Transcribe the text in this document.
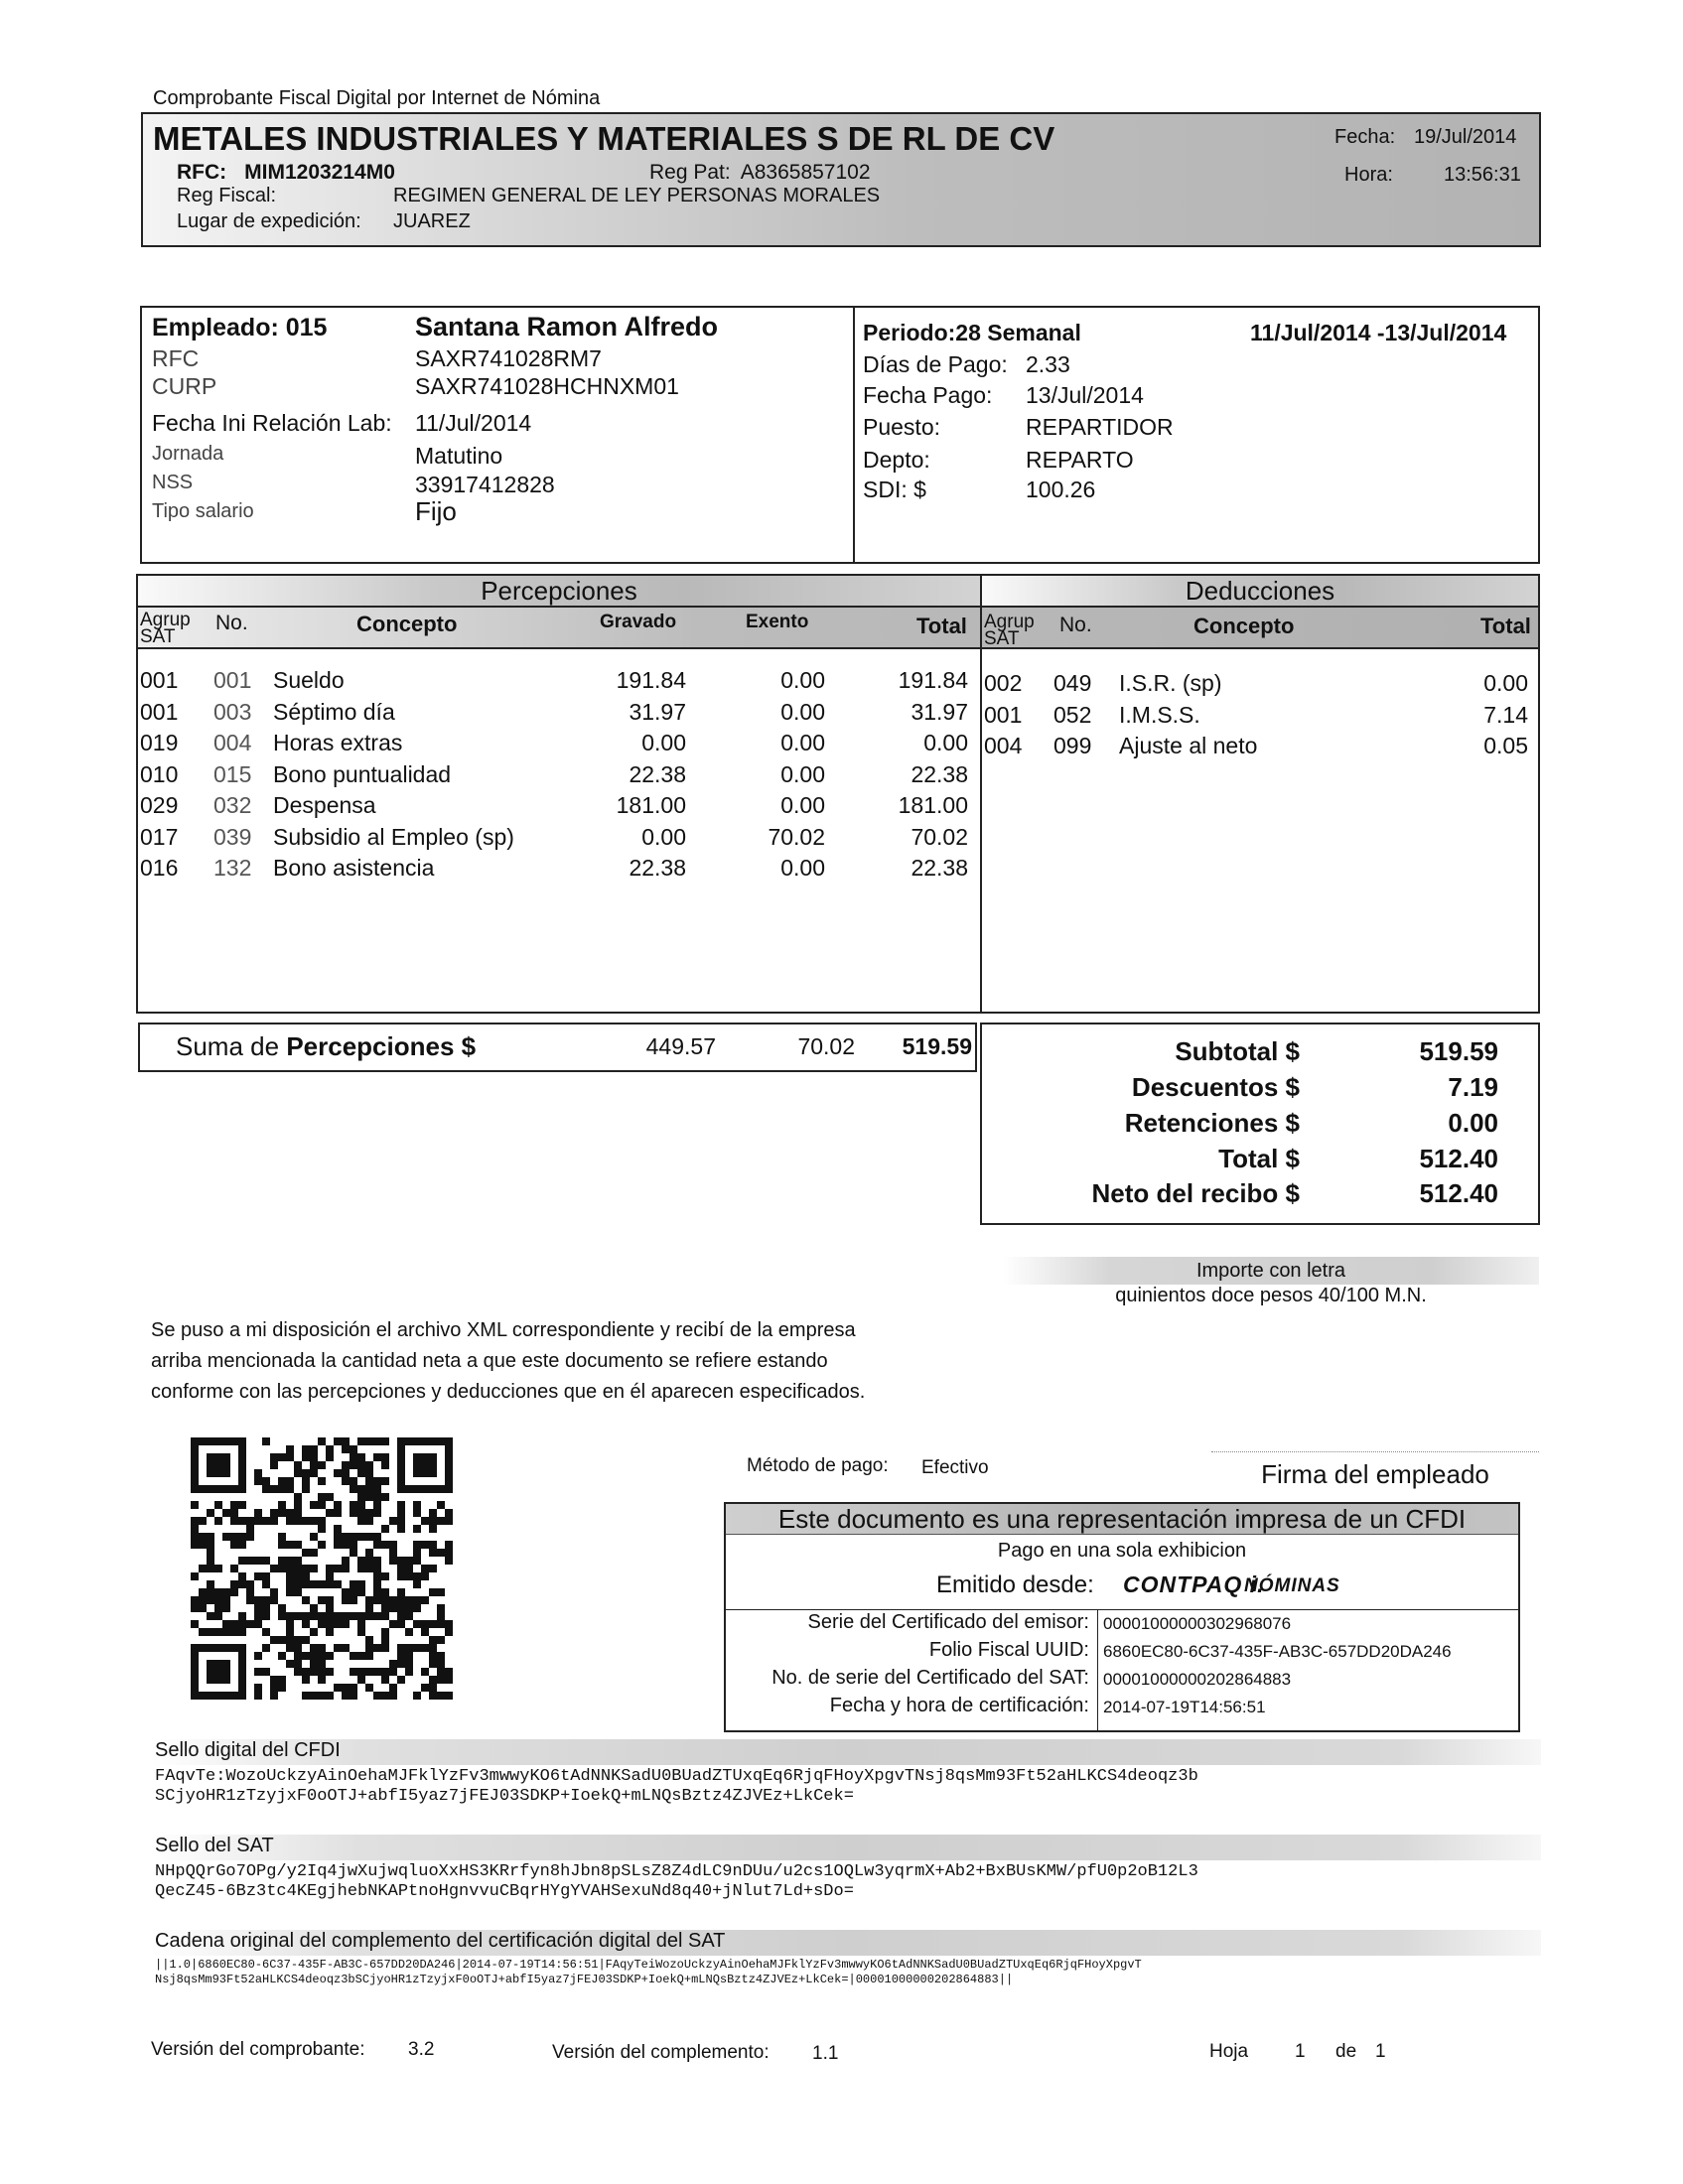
Comprobante Fiscal Digital por Internet de Nómina
METALES INDUSTRIALES Y MATERIALES S DE RL DE CV
RFC: MIM1203214M0	Reg Pat: A8365857102
Reg Fiscal:	REGIMEN GENERAL DE LEY PERSONAS MORALES
Lugar de expedición: JUAREZ
Fecha: 19/Jul/2014
Hora:	13:56:31
Empleado: 015	Santana Ramon Alfredo
RFC	SAXR741028RM7
CURP	SAXR741028HCHNXM01
Fecha Ini Relación Lab: 11/Jul/2014
Jornada	Matutino
NSS	33917412828
Tipo salario	Fijo
Periodo:28 Semanal	11/Jul/2014 -13/Jul/2014
Días de Pago: 2.33
Fecha Pago: 13/Jul/2014
Puesto:	REPARTIDOR
Depto:	REPARTO
SDI: $	100.26
Percepciones	Deducciones
Agrup
SAT
No.	Concepto	Gravado	Exento	Total Agrup
SAT
No.	Concepto	Total
001	001 Sueldo	191.84	0.00	191.84
001	003 Séptimo día	31.97	0.00	31.97
019	004 Horas extras	0.00	0.00	0.00
010	015 Bono puntualidad	22.38	0.00	22.38
029	032 Despensa	181.00	0.00	181.00
017	039 Subsidio al Empleo (sp)	0.00	70.02	70.02
016	132 Bono asistencia	22.38	0.00	22.38
002	049	I.S.R. (sp)	0.00
001	052	I.M.S.S.	7.14
004	099	Ajuste al neto	0.05
Suma de Percepciones $	449.57	70.02	519.59	Subtotal $	519.59
Descuentos $	7.19
Retenciones $	0.00
Total $	512.40
Neto del recibo $	512.40
Importe con letra
quinientos doce pesos 40/100 M.N.
Se puso a mi disposición el archivo XML correspondiente y recibí de la empresa
arriba mencionada la cantidad neta a que este documento se refiere estando
conforme con las percepciones y deducciones que en él aparecen especificados.
Método de pago: Efectivo	Firma del empleado
Este documento es una representación impresa de un CFDI
Pago en una sola exhibicion
Emitido desde: CONTPAQ i.
NÓMINAS
Serie del Certificado del emisor: 00001000000302968076
Folio Fiscal UUID: 6860EC80-6C37-435F-AB3C-657DD20DA246
No. de serie del Certificado del SAT: 00001000000202864883
Fecha y hora de certificación: 2014-07-19T14:56:51
Sello digital del CFDI
FAqvTe:WozoUckzyAinOehaMJFklYzFv3mwwyKO6tAdNNKSadU0BUadZTUxqEq6RjqFHoyXpgvTNsj8qsMm93Ft52aHLKCS4deoqz3b
SCjyoHR1zTzyjxF0oOTJ+abfI5yaz7jFEJ03SDKP+IoekQ+mLNQsBztz4ZJVEz+LkCek=
Sello del SAT
NHpQQrGo7OPg/y2Iq4jwXujwqluoXxHS3KRrfyn8hJbn8pSLsZ8Z4dLC9nDUu/u2cs1OQLw3yqrmX+Ab2+BxBUsKMW/pfU0p2oB12L3
QecZ45-6Bz3tc4KEgjhebNKAPtnoHgnvvuCBqrHYgYVAHSexuNd8q40+jNlut7Ld+sDo=
Cadena original del complemento del certificación digital del SAT
||1.0|6860EC80-6C37-435F-AB3C-657DD20DA246|2014-07-19T14:56:51|FAqyTeiWozoUckzyAinOehaMJFklYzFv3mwwyKO6tAdNNKSadU0BUadZTUxqEq6RjqFHoyXpgvT
Nsj8qsMm93Ft52aHLKCS4deoqz3bSCjyoHR1zTzyjxF0oOTJ+abfI5yaz7jFEJ03SDKP+IoekQ+mLNQsBztz4ZJVEz+LkCek=|00001000000202864883||
Versión del comprobante: 3.2	Versión del complemento: 1.1	Hoja 1 de 1
